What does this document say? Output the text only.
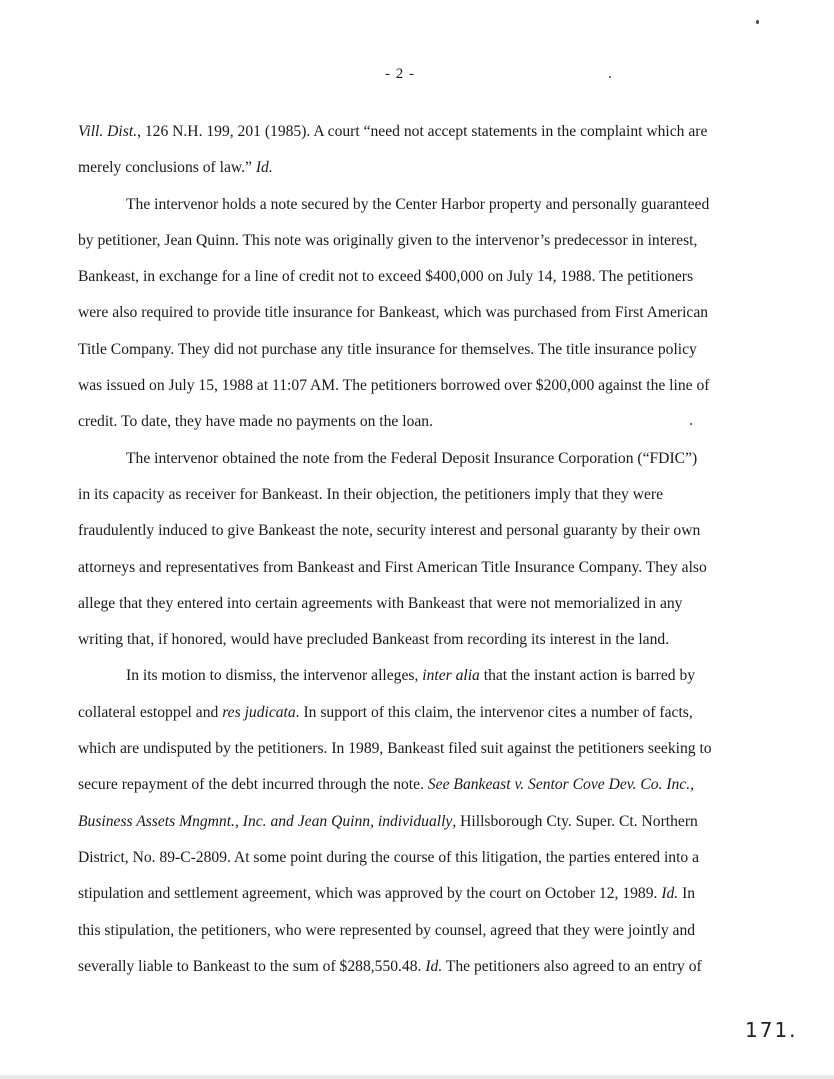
- 2 -

Vill. Dist., 126 N.H. 199, 201 (1985). A court “need not accept statements in the complaint which are
merely conclusions of law.” Id.

The intervenor holds a note secured by the Center Harbor property and personally guaranteed
by petitioner, Jean Quinn. This note was originally given to the intervenor’s predecessor in interest,
Bankeast, in exchange for a line of credit not to exceed $400,000 on July 14, 1988. The petitioners
were also required to provide title insurance for Bankeast, which was purchased from First American
Title Company. They did not purchase any title insurance for themselves. The title insurance policy
was issued on July 15, 1988 at 11:07 AM. The petitioners borrowed over $200,000 against the line of
credit. To date, they have made no payments on the loan.

The intervenor obtained the note from the Federal Deposit Insurance Corporation (“FDIC”)
in its capacity as receiver for Bankeast. In their objection, the petitioners imply that they were
fraudulently induced to give Bankeast the note, security interest and personal guaranty by their own
attorneys and representatives from Bankeast and First American Title Insurance Company. They also
allege that they entered into certain agreements with Bankeast that were not memorialized in any
writing that, if honored, would have precluded Bankeast from recording its interest in the land.

In its motion to dismiss, the intervenor alleges, inter alia that the instant action is barred by
collateral estoppel and res judicata. In support of this claim, the intervenor cites a number of facts,
which are undisputed by the petitioners. In 1989, Bankeast filed suit against the petitioners seeking to
secure repayment of the debt incurred through the note. See Bankeast v. Sentor Cove Dev. Co. Inc.,
Business Assets Mngmnt., Inc. and Jean Quinn, individually, Hillsborough Cty. Super. Ct. Northern
District, No. 89-C-2809. At some point during the course of this litigation, the parties entered into a
stipulation and settlement agreement, which was approved by the court on October 12, 1989. Id. In
this stipulation, the petitioners, who were represented by counsel, agreed that they were jointly and
severally liable to Bankeast to the sum of $288,550.48. Id. The petitioners also agreed to an entry of

171.
